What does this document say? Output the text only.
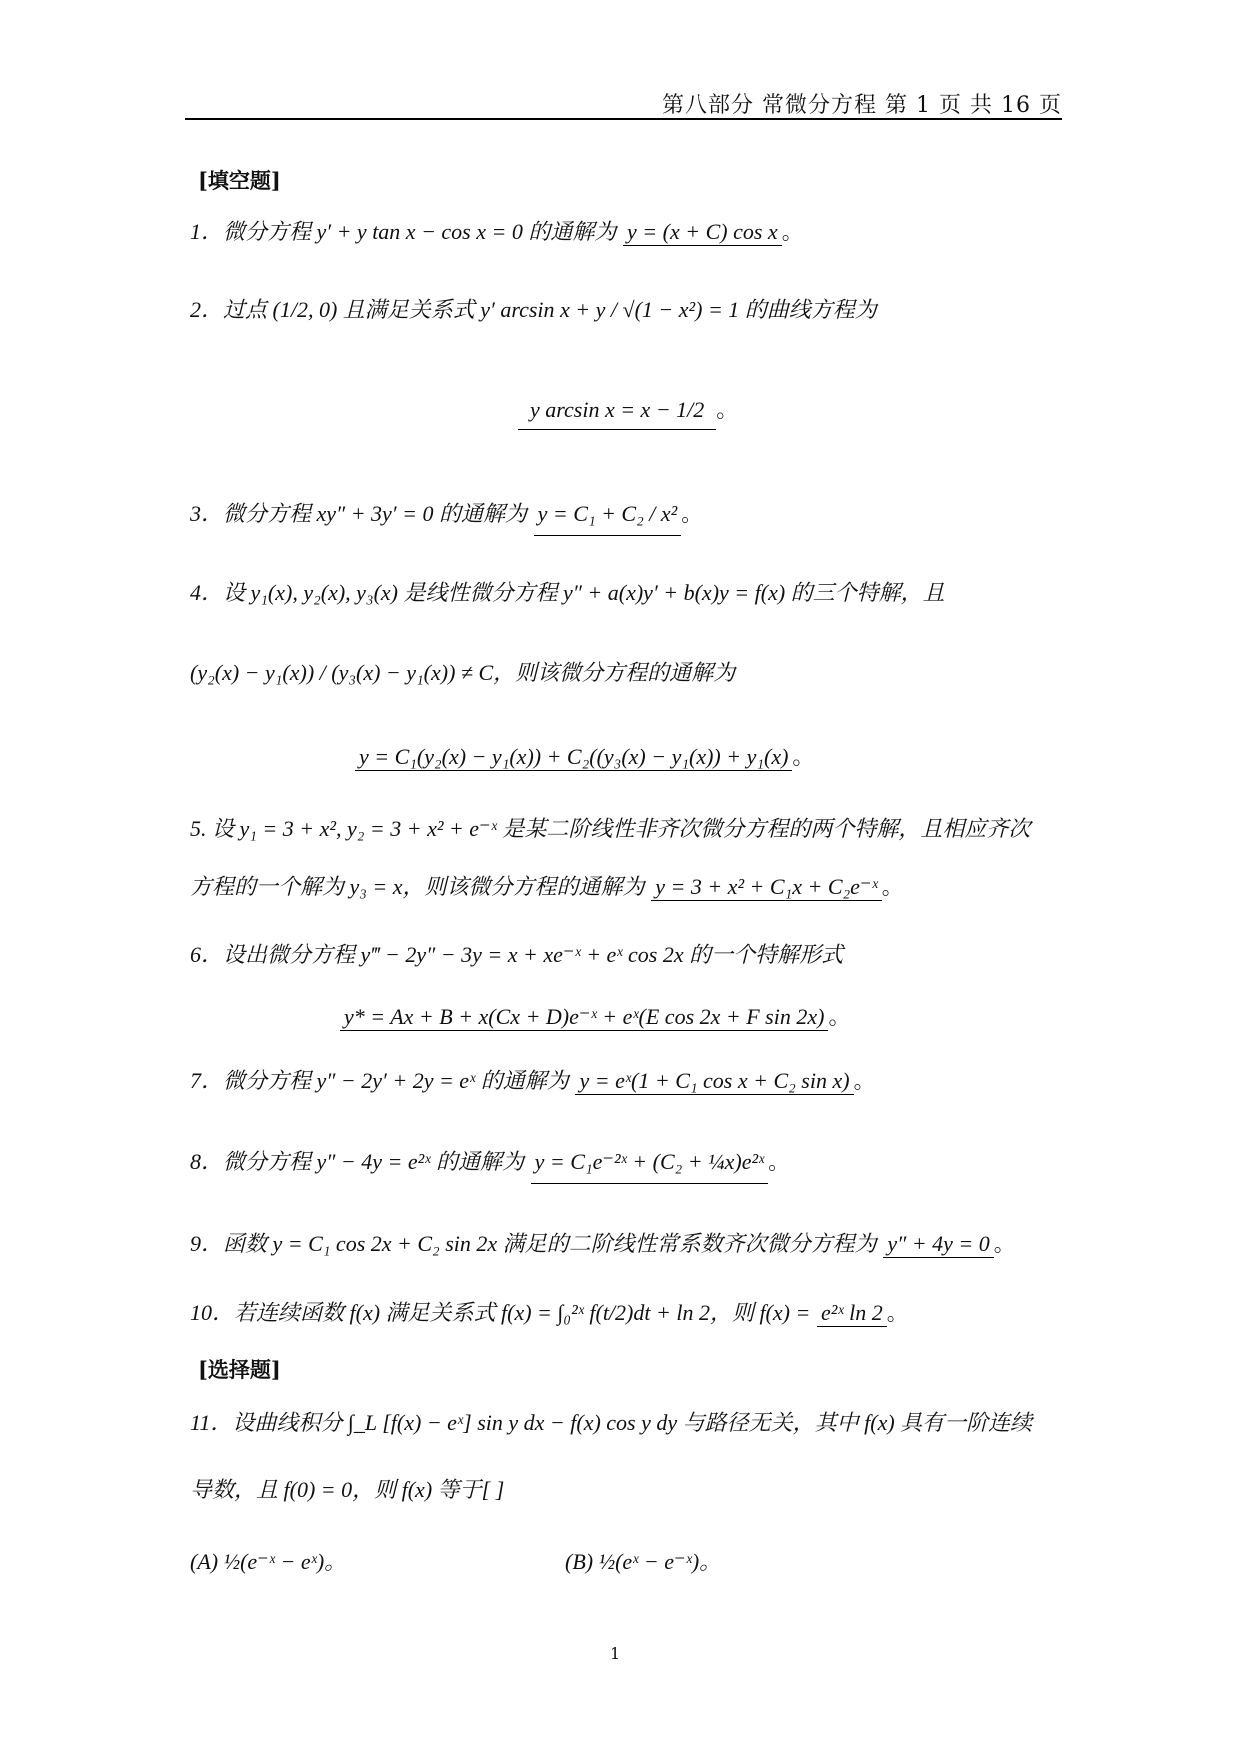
第八部分 常微分方程 第 1 页 共 16 页
[填空题]
1．微分方程 y′ + y tan x − cos x = 0 的通解为 y = (x + C) cos x 。
2．过点 (1/2, 0) 且满足关系式 y′ arcsin x + y / √(1 − x²) = 1 的曲线方程为
y arcsin x = x − 1/2 。
3．微分方程 xy″ + 3y′ = 0 的通解为 y = C₁ + C₂ / x² 。
4．设 y₁(x), y₂(x), y₃(x) 是线性微分方程 y″ + a(x)y′ + b(x)y = f(x) 的三个特解，且
(y₂(x) − y₁(x)) / (y₃(x) − y₁(x)) ≠ C，则该微分方程的通解为
y = C₁(y₂(x) − y₁(x)) + C₂((y₃(x) − y₁(x)) + y₁(x) 。
5. 设 y₁ = 3 + x², y₂ = 3 + x² + e⁻ˣ 是某二阶线性非齐次微分方程的两个特解，且相应齐次
方程的一个解为 y₃ = x，则该微分方程的通解为 y = 3 + x² + C₁x + C₂e⁻ˣ 。
6．设出微分方程 y‴ − 2y″ − 3y = x + xe⁻ˣ + eˣ cos 2x 的一个特解形式
y* = Ax + B + x(Cx + D)e⁻ˣ + eˣ(E cos 2x + F sin 2x) 。
7．微分方程 y″ − 2y′ + 2y = eˣ 的通解为 y = eˣ(1 + C₁ cos x + C₂ sin x) 。
8．微分方程 y″ − 4y = e²ˣ 的通解为 y = C₁e⁻²ˣ + (C₂ + ¼x)e²ˣ 。
9．函数 y = C₁ cos 2x + C₂ sin 2x 满足的二阶线性常系数齐次微分方程为 y″ + 4y = 0 。
10．若连续函数 f(x) 满足关系式 f(x) = ∫₀²ˣ f(t/2)dt + ln 2，则 f(x) = e²ˣ ln 2 。
[选择题]
11．设曲线积分 ∫_L [f(x) − eˣ] sin y dx − f(x) cos y dy 与路径无关，其中 f(x) 具有一阶连续
导数，且 f(0) = 0，则 f(x) 等于[ ]
(A) ½(e⁻ˣ − eˣ)。	(B) ½(eˣ − e⁻ˣ)。
1
